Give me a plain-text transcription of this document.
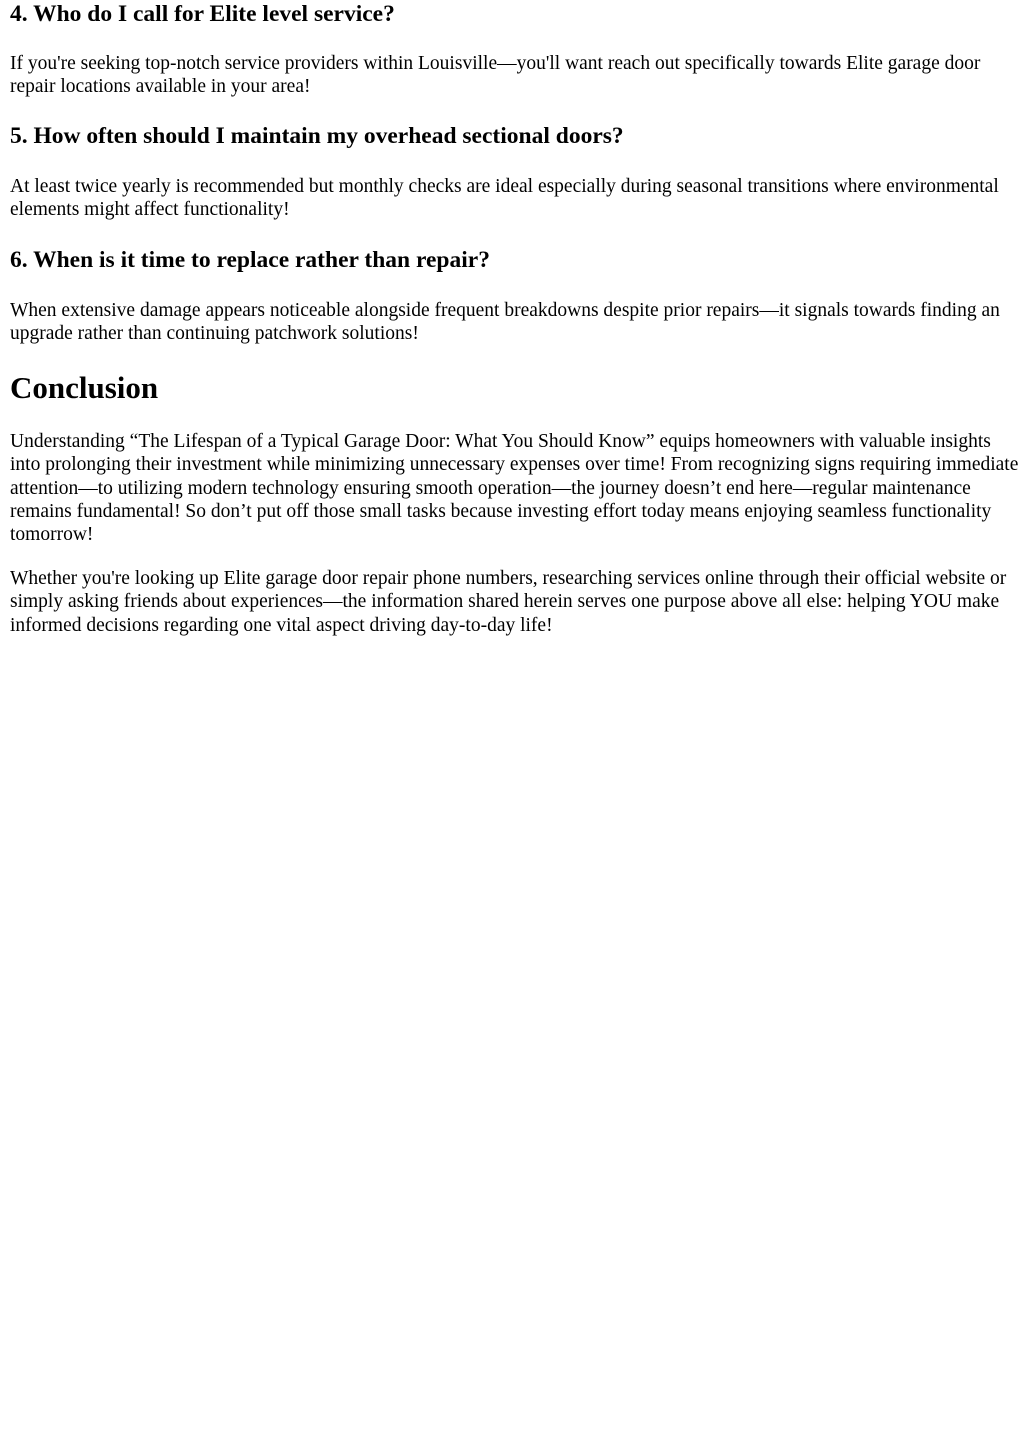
4. Who do I call for Elite level service?

If you're seeking top-notch service providers within Louisville—you'll want reach out specifically towards Elite garage door repair locations available in your area!

5. How often should I maintain my overhead sectional doors?

At least twice yearly is recommended but monthly checks are ideal especially during seasonal transitions where environmental elements might affect functionality!

6. When is it time to replace rather than repair?

When extensive damage appears noticeable alongside frequent breakdowns despite prior repairs—it signals towards finding an upgrade rather than continuing patchwork solutions!

Conclusion

Understanding “The Lifespan of a Typical Garage Door: What You Should Know” equips homeowners with valuable insights into prolonging their investment while minimizing unnecessary expenses over time! From recognizing signs requiring immediate attention—to utilizing modern technology ensuring smooth operation—the journey doesn’t end here—regular maintenance remains fundamental! So don’t put off those small tasks because investing effort today means enjoying seamless functionality tomorrow!

Whether you're looking up Elite garage door repair phone numbers, researching services online through their official website or simply asking friends about experiences—the information shared herein serves one purpose above all else: helping YOU make informed decisions regarding one vital aspect driving day-to-day life!
